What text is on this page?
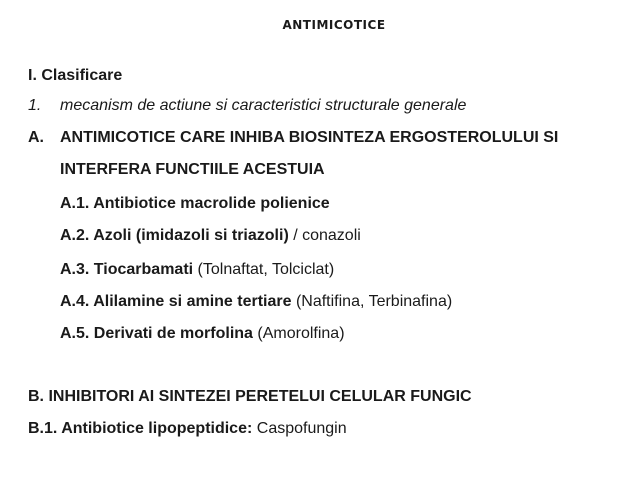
antimicotice
I. Clasificare
1. mecanism de actiune si caracteristici structurale generale
A. ANTIMICOTICE CARE INHIBA BIOSINTEZA ERGOSTEROLULUI SI
INTERFERA FUNCTIILE ACESTUIA
A.1. Antibiotice macrolide polienice
A.2. Azoli (imidazoli si triazoli) / conazoli
A.3. Tiocarbamati (Tolnaftat, Tolciclat)
A.4. Alilamine si amine tertiare (Naftifina, Terbinafina)
A.5. Derivati de morfolina (Amorolfina)
B. INHIBITORI AI SINTEZEI PERETELUI CELULAR FUNGIC
B.1. Antibiotice lipopeptidice: Caspofungin
